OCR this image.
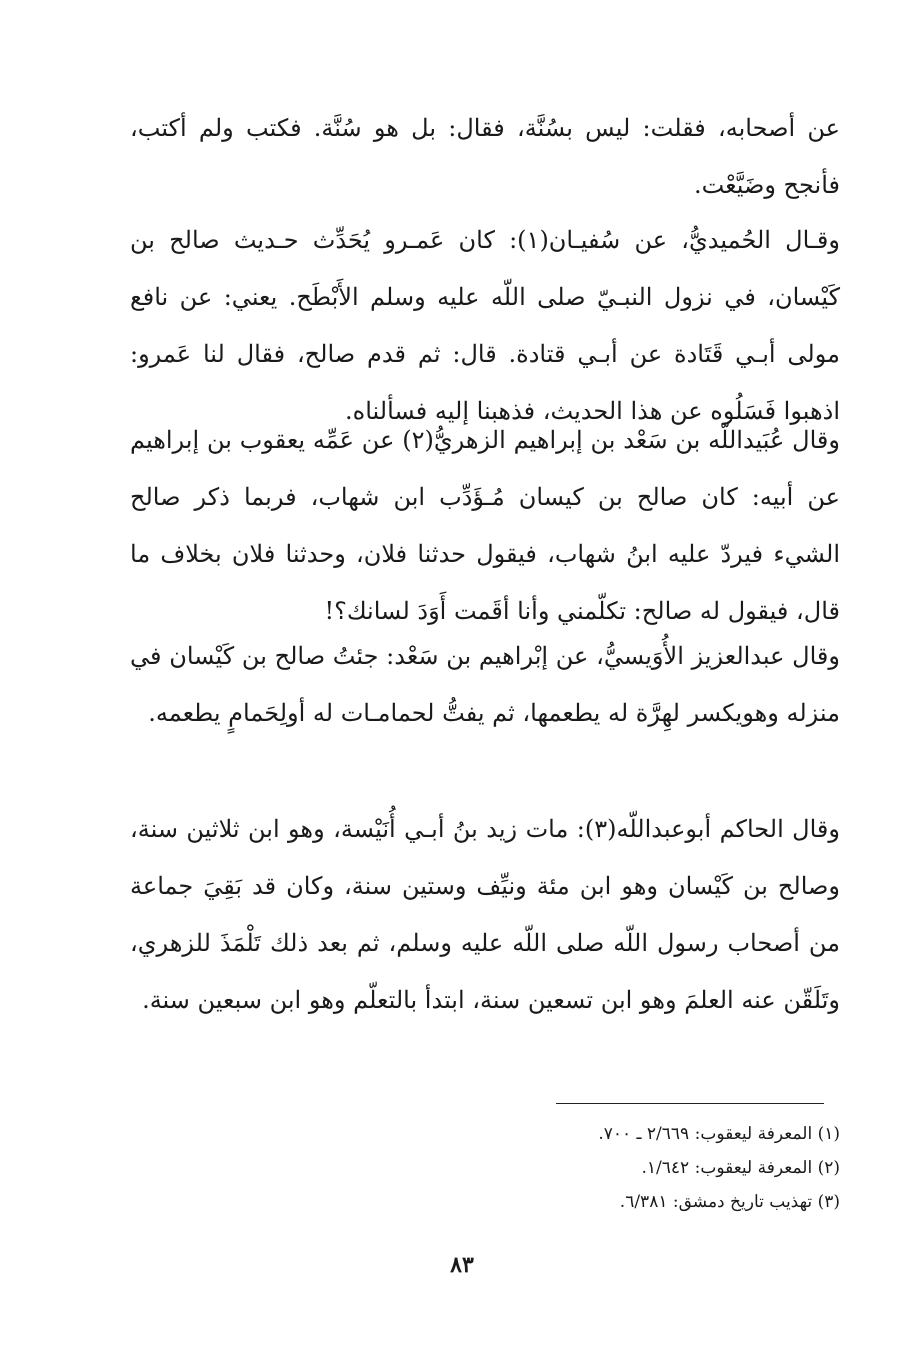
عن أصحابه، فقلت: ليس بسُنَّة، فقال: بل هو سُنَّة. فكتب ولم أكتب، فأنجح وضَيَّعْت.

وقـال الحُميديُّ، عن سُفيـان(١): كان عَمـرو يُحَدِّث حـديث صالح بن كَيْسان، في نزول النبـيّ صلى اللّه عليه وسلم الأَبْطَح. يعني: عن نافع مولى أبـي قَتَادة عن أبـي قتادة. قال: ثم قدم صالح، فقال لنا عَمرو: اذهبوا فَسَلُوه عن هذا الحديث، فذهبنا إليه فسألناه.

وقال عُبَيداللّه بن سَعْد بن إبراهيم الزهريُّ(٢) عن عَمِّه يعقوب بن إبراهيم عن أبيه: كان صالح بن كيسان مُـؤَدِّب ابن شهاب، فربما ذكر صالح الشيء فيردّ عليه ابنُ شهاب، فيقول حدثنا فلان، وحدثنا فلان بخلاف ما قال، فيقول له صالح: تكلّمني وأنا أقَمت أَوَدَ لسانك؟!

وقال عبدالعزيز الأُوَيسيُّ، عن إبْراهيم بن سَعْد: جئتُ صالح بن كَيْسان في منزله وهويكسر لهِرَّة له يطعمها، ثم يفتُّ لحمامـات له أولِحَمامٍ يطعمه.

وقال الحاكم أبوعبداللّه(٣): مات زيد بنُ أبـي أُنَيْسة، وهو ابن ثلاثين سنة، وصالح بن كَيْسان وهو ابن مئة ونيِّف وستين سنة، وكان قد بَقِيَ جماعة من أصحاب رسول اللّه صلى اللّه عليه وسلم، ثم بعد ذلك تَلْمَذَ للزهري، وتَلَقّن عنه العلمَ وهو ابن تسعين سنة، ابتدأ بالتعلّم وهو ابن سبعين سنة.

(١) المعرفة ليعقوب: ٢/٦٦٩ ـ ٧٠٠.

(٢) المعرفة ليعقوب: ١/٦٤٢.

(٣) تهذيب تاريخ دمشق: ٦/٣٨١.

٨٣
